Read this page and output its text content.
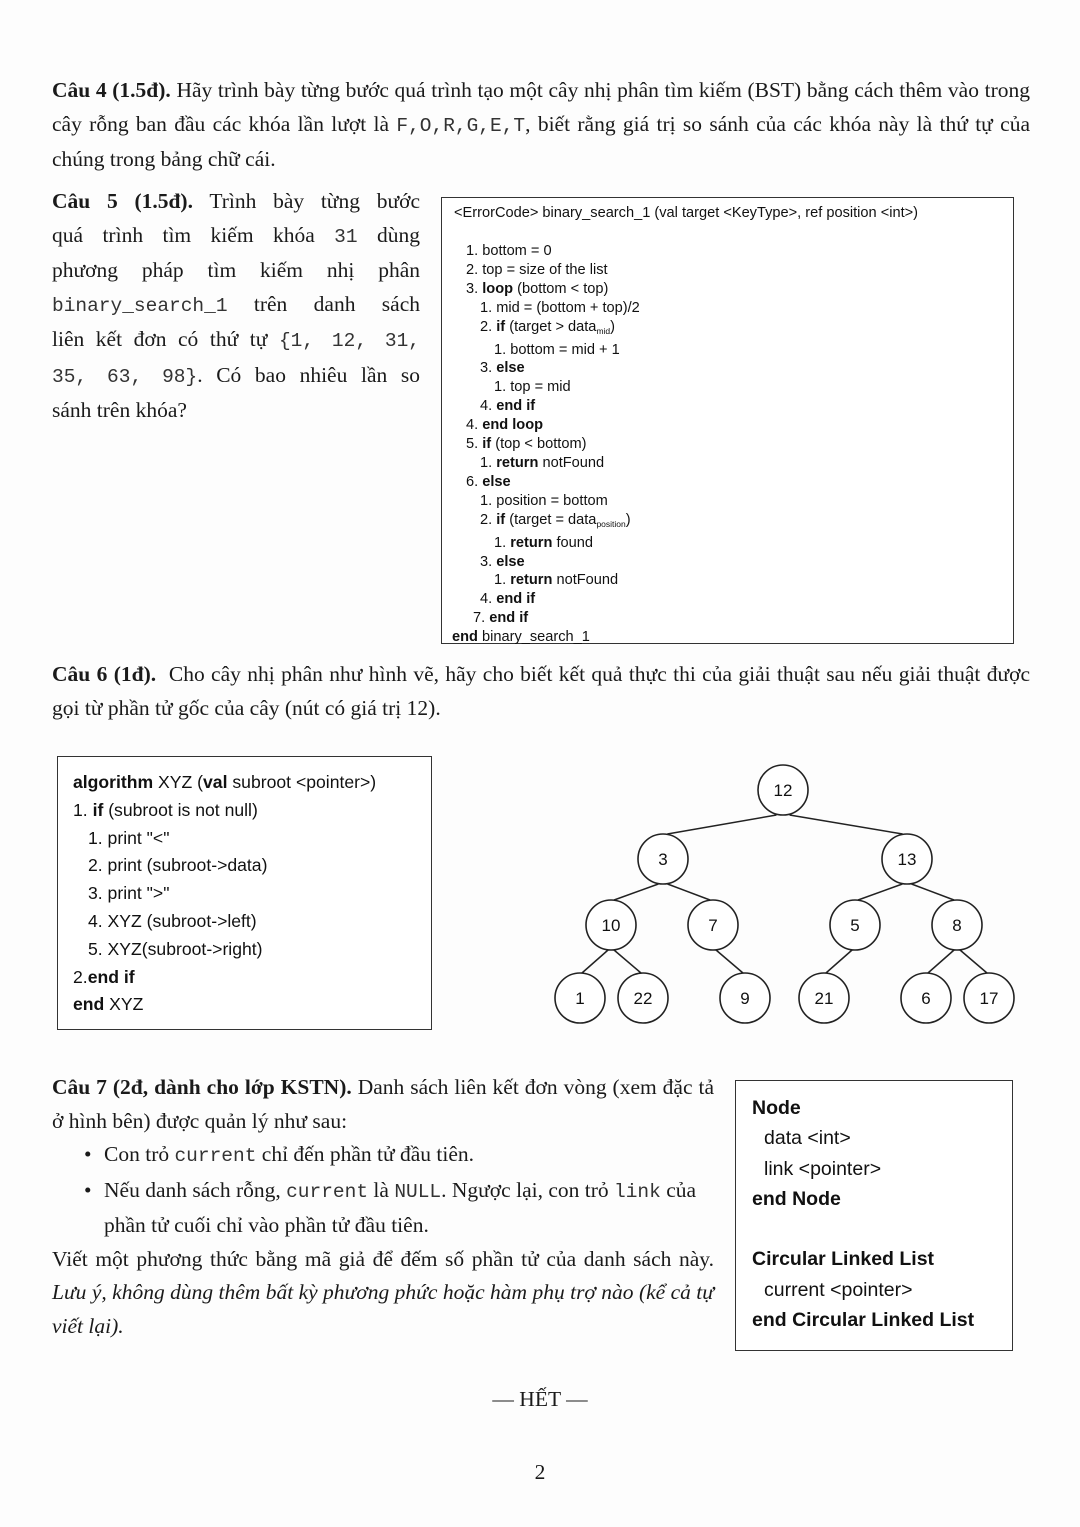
Câu 4 (1.5đ). Hãy trình bày từng bước quá trình tạo một cây nhị phân tìm kiếm (BST) bằng cách thêm vào trong cây rỗng ban đầu các khóa lần lượt là F,O,R,G,E,T, biết rằng giá trị so sánh của các khóa này là thứ tự của chúng trong bảng chữ cái.
Câu 5 (1.5đ). Trình bày từng bước
quá trình tìm kiếm khóa 31 dùng
phương pháp tìm kiếm nhị phân
binary_search_1 trên danh sách
liên kết đơn có thứ tự {1, 12, 31,
35, 63, 98}. Có bao nhiêu lần so
sánh trên khóa?
<ErrorCode> binary_search_1 (val target <KeyType>, ref position <int>)
1. bottom = 0
2. top = size of the list
3. loop (bottom < top)
1. mid = (bottom + top)/2
2. if (target > data$_{mid}$)
1. bottom = mid + 1
3. else
1. top = mid
4. end if
4. end loop
5. if (top < bottom)
1. return notFound
6. else
1. position = bottom
2. if (target = data$_{position}$)
1. return found
3. else
1. return notFound
4. end if
7. end if
end binary_search_1
Câu 6 (1đ).  Cho cây nhị phân như hình vẽ, hãy cho biết kết quả thực thi của giải thuật sau nếu giải thuật được gọi từ phần tử gốc của cây (nút có giá trị 12).
algorithm XYZ (val subroot <pointer>)
1. if (subroot is not null)
1. print "<"
2. print (subroot->data)
3. print ">"
4. XYZ (subroot->left)
5. XYZ(subroot->right)
2.end if
end XYZ
12
3	13
10	7	5	8
1	22	9	21	6	17
Câu 7 (2đ, dành cho lớp KSTN). Danh sách liên kết đơn vòng (xem đặc tả ở hình bên) được quản lý như sau:
• Con trỏ current chỉ đến phần tử đầu tiên.
• Nếu danh sách rỗng, current là NULL. Ngược lại, con trỏ link của phần tử cuối chỉ vào phần tử đầu tiên.
Viết một phương thức bằng mã giả để đếm số phần tử của danh sách này. Lưu ý, không dùng thêm bất kỳ phương phức hoặc hàm phụ trợ nào (kể cả tự viết lại).
Node
data <int>
link <pointer>
end Node
Circular Linked List
current <pointer>
end Circular Linked List
— HẾT —
2
